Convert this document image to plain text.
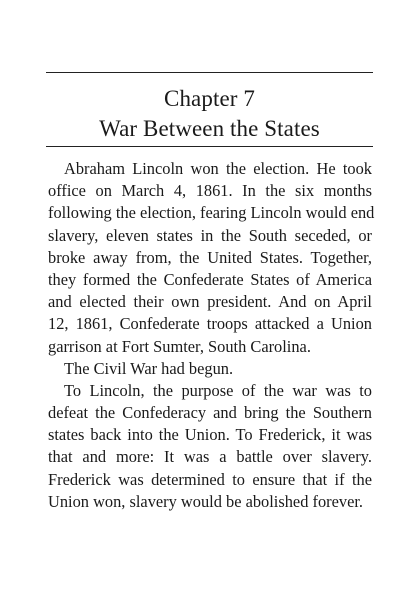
Chapter 7
War Between the States
Abraham Lincoln won the election. He took
office on March 4, 1861. In the six months
following the election, fearing Lincoln would end
slavery, eleven states in the South seceded, or
broke away from, the United States. Together,
they formed the Confederate States of America
and elected their own president. And on April
12, 1861, Confederate troops attacked a Union
garrison at Fort Sumter, South Carolina.
The Civil War had begun.
To Lincoln, the purpose of the war was to
defeat the Confederacy and bring the Southern
states back into the Union. To Frederick, it was
that and more: It was a battle over slavery.
Frederick was determined to ensure that if the
Union won, slavery would be abolished forever.
